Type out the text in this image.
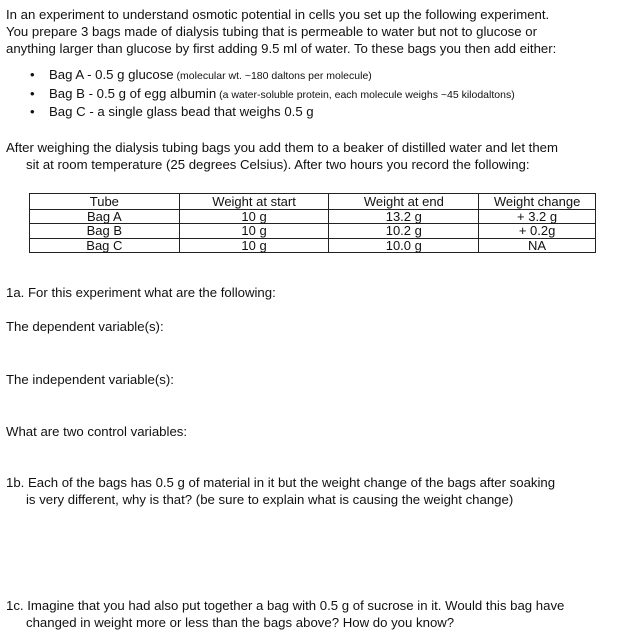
In an experiment to understand osmotic potential in cells you set up the following experiment.
You prepare 3 bags made of dialysis tubing that is permeable to water but not to glucose or
anything larger than glucose by first adding 9.5 ml of water. To these bags you then add either:
• Bag A - 0.5 g glucose (molecular wt. ~180 daltons per molecule)
• Bag B - 0.5 g of egg albumin (a water-soluble protein, each molecule weighs ~45 kilodaltons)
• Bag C - a single glass bead that weighs 0.5 g
After weighing the dialysis tubing bags you add them to a beaker of distilled water and let them
sit at room temperature (25 degrees Celsius). After two hours you record the following:
Tube	Weight at start	Weight at end	Weight change
Bag A	10 g	13.2 g	+ 3.2 g
Bag B	10 g	10.2 g	+ 0.2g
Bag C	10 g	10.0 g	NA
1a. For this experiment what are the following:
The dependent variable(s):
The independent variable(s):
What are two control variables:
1b. Each of the bags has 0.5 g of material in it but the weight change of the bags after soaking
is very different, why is that? (be sure to explain what is causing the weight change)
1c. Imagine that you had also put together a bag with 0.5 g of sucrose in it. Would this bag have
changed in weight more or less than the bags above? How do you know?
